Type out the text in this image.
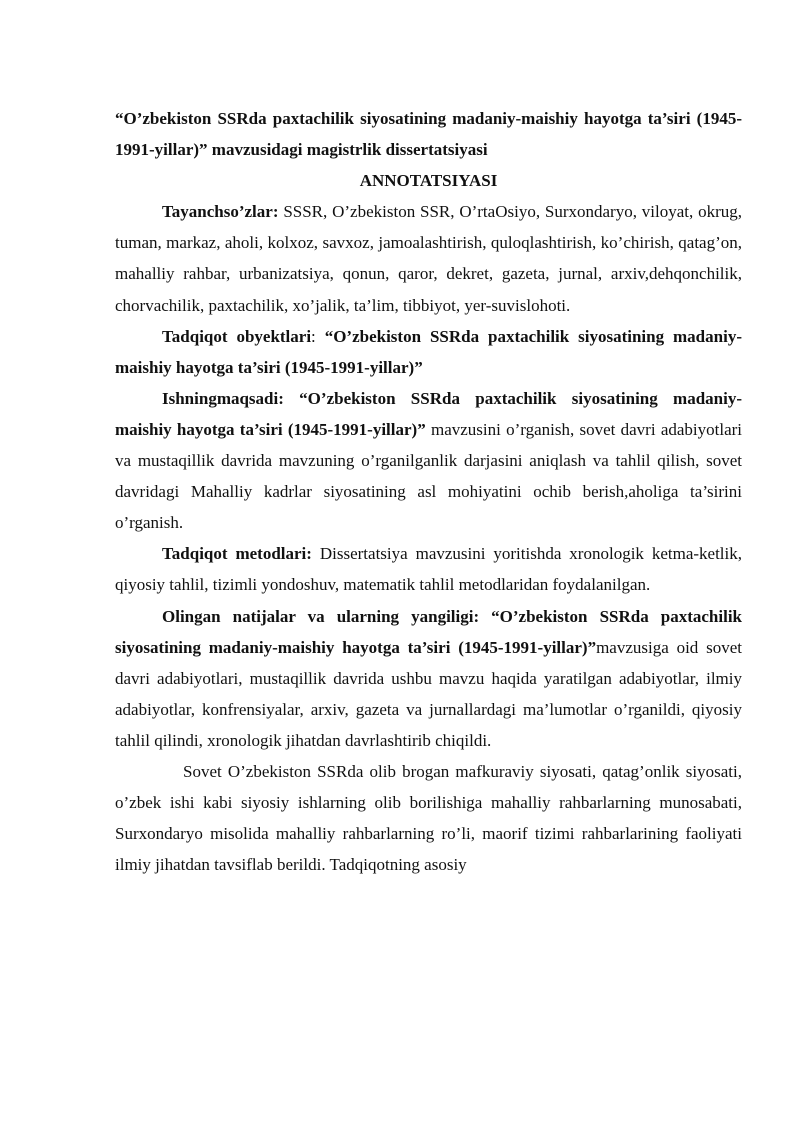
“O’zbekiston SSRda paxtachilik siyosatining madaniy-maishiy hayotga ta’siri (1945-1991-yillar)” mavzusidagi magistrlik dissertatsiyasi

ANNOTATSIYASI

Tayanchso’zlar: SSSR, O’zbekiston SSR, O’rtaOsiyo, Surxondaryo, viloyat, okrug, tuman, markaz, aholi, kolxoz, savxoz, jamoalashtirish, quloqlashtirish, ko’chirish, qatag’on, mahalliy rahbar, urbanizatsiya, qonun, qaror, dekret, gazeta, jurnal, arxiv,dehqonchilik, chorvachilik, paxtachilik, xo’jalik, ta’lim, tibbiyot, yer-suvislohoti.

Tadqiqot obyektlari: “O’zbekiston SSRda paxtachilik siyosatining madaniy-maishiy hayotga ta’siri (1945-1991-yillar)”

Ishningmaqsadi: “O’zbekiston SSRda paxtachilik siyosatining madaniy-maishiy hayotga ta’siri (1945-1991-yillar)” mavzusini o’rganish, sovet davri adabiyotlari va mustaqillik davrida mavzuning o’rganilganlik darjasini aniqlash va tahlil qilish, sovet davridagi Mahalliy kadrlar siyosatining asl mohiyatini ochib berish,aholiga ta’sirini o’rganish.

Tadqiqot metodlari: Dissertatsiya mavzusini yoritishda xronologik ketma-ketlik, qiyosiy tahlil, tizimli yondoshuv, matematik tahlil metodlaridan foydalanilgan.

Olingan natijalar va ularning yangiligi: “O’zbekiston SSRda paxtachilik siyosatining madaniy-maishiy hayotga ta’siri (1945-1991-yillar)”mavzusiga oid sovet davri adabiyotlari, mustaqillik davrida ushbu mavzu haqida yaratilgan adabiyotlar, ilmiy adabiyotlar, konfrensiyalar, arxiv, gazeta va jurnallardagi ma’lumotlar o’rganildi, qiyosiy tahlil qilindi, xronologik jihatdan davrlashtirib chiqildi.

Sovet O’zbekiston SSRda olib brogan mafkuraviy siyosati, qatag’onlik siyosati, o’zbek ishi kabi siyosiy ishlarning olib borilishiga mahalliy rahbarlarning munosabati, Surxondaryo misolida mahalliy rahbarlarning ro’li, maorif tizimi rahbarlarining faoliyati ilmiy jihatdan tavsiflab berildi. Tadqiqotning asosiy
